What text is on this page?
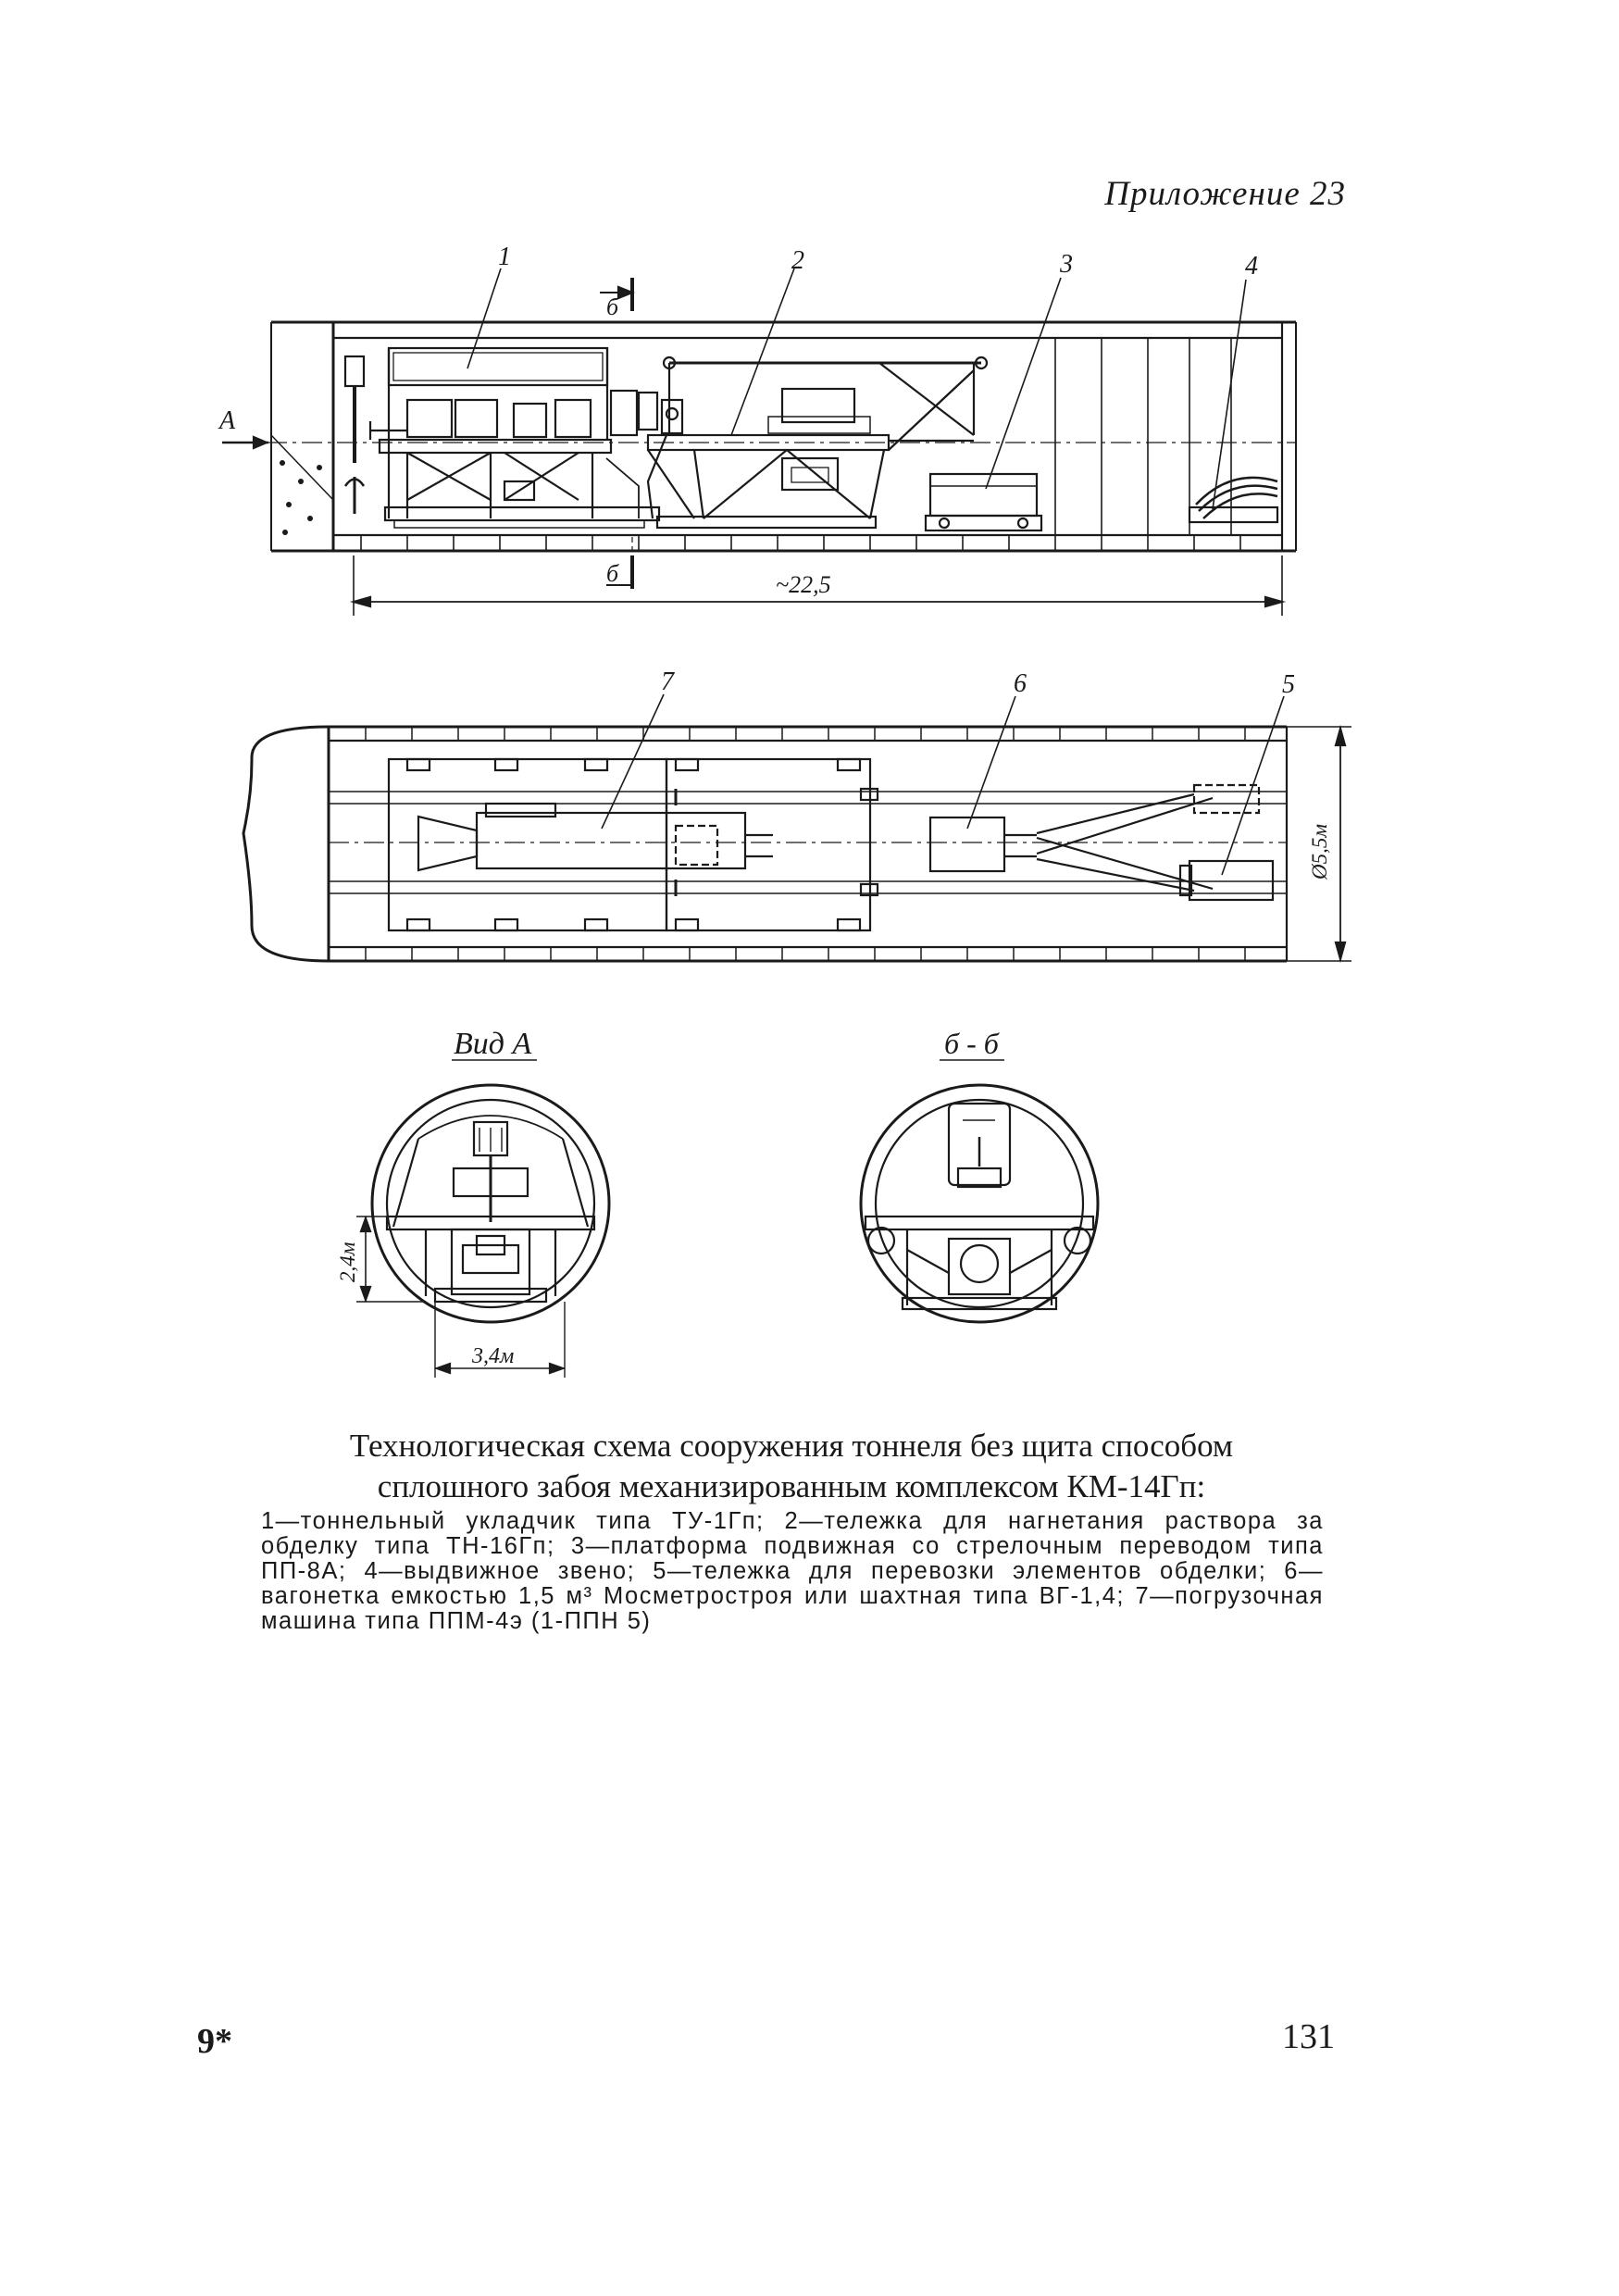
Приложение 23
1	2	3	4
А
б
б	~22,5
7	6	5
Ø5,5м
Вид А
2,4м
3,4м
б - б
Технологическая схема сооружения тоннеля без щита способом
сплошного забоя механизированным комплексом КМ-14Гп:
1—тоннельный укладчик типа ТУ-1Гп; 2—тележка для нагнетания раствора за обделку типа ТН-16Гп; 3—платформа подвижная со стрелочным переводом типа ПП-8А; 4—выдвижное звено; 5—тележка для перевозки элементов обделки; 6—вагонетка емкостью 1,5 м³ Мосметростроя или шахтная типа ВГ-1,4; 7—погрузочная машина типа ППМ-4э (1-ППН 5)
9*	131
